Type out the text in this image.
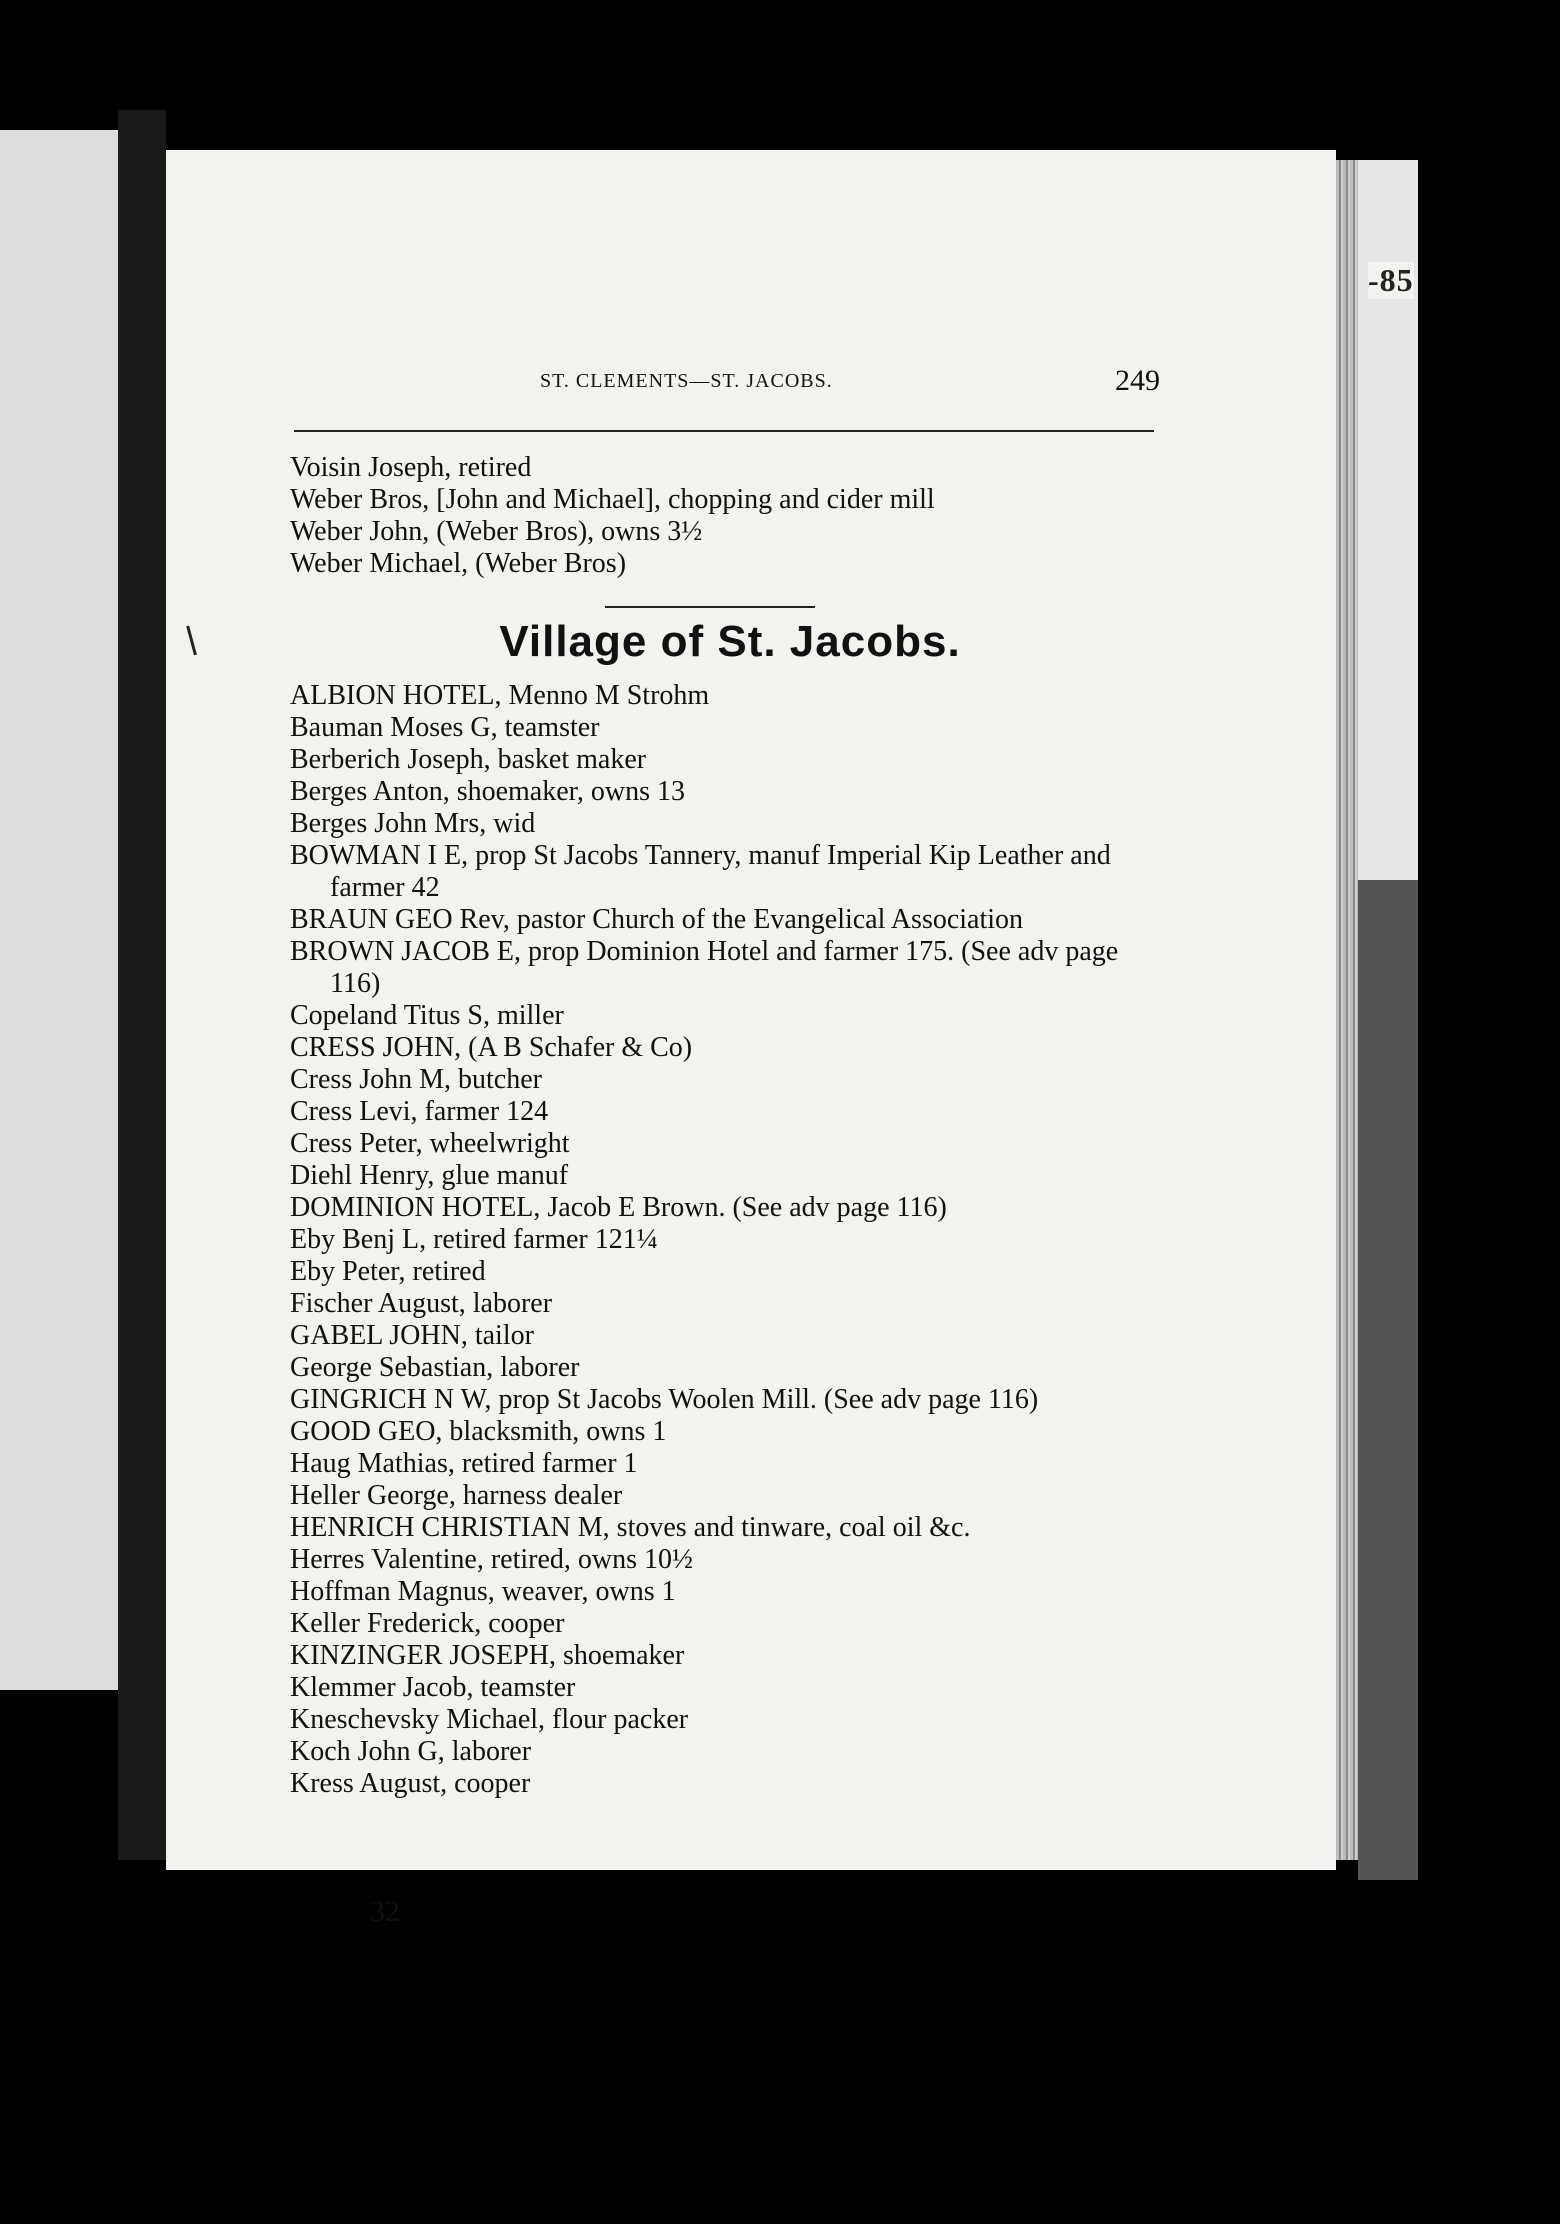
-85
ST. CLEMENTS—ST. JACOBS.	249

Voisin Joseph, retired

Weber Bros, [John and Michael], chopping and cider mill

Weber John, (Weber Bros), owns 3½

Weber Michael, (Weber Bros)

Village of St. Jacobs.

ALBION HOTEL, Menno M Strohm

Bauman Moses G, teamster

Berberich Joseph, basket maker

Berges Anton, shoemaker, owns 13

Berges John Mrs, wid

BOWMAN I E, prop St Jacobs Tannery, manuf Imperial Kip Leather and farmer 42

BRAUN GEO Rev, pastor Church of the Evangelical Association

BROWN JACOB E, prop Dominion Hotel and farmer 175. (See adv page 116)

Copeland Titus S, miller

CRESS JOHN, (A B Schafer & Co)

Cress John M, butcher

Cress Levi, farmer 124

Cress Peter, wheelwright

Diehl Henry, glue manuf

DOMINION HOTEL, Jacob E Brown. (See adv page 116)

Eby Benj L, retired farmer 121¼

Eby Peter, retired

Fischer August, laborer

GABEL JOHN, tailor

George Sebastian, laborer

GINGRICH N W, prop St Jacobs Woolen Mill. (See adv page 116)

GOOD GEO, blacksmith, owns 1

Haug Mathias, retired farmer 1

Heller George, harness dealer

HENRICH CHRISTIAN M, stoves and tinware, coal oil &c.

Herres Valentine, retired, owns 10½

Hoffman Magnus, weaver, owns 1

Keller Frederick, cooper

KINZINGER JOSEPH, shoemaker

Klemmer Jacob, teamster

Kneschevsky Michael, flour packer

Koch John G, laborer

Kress August, cooper

32
